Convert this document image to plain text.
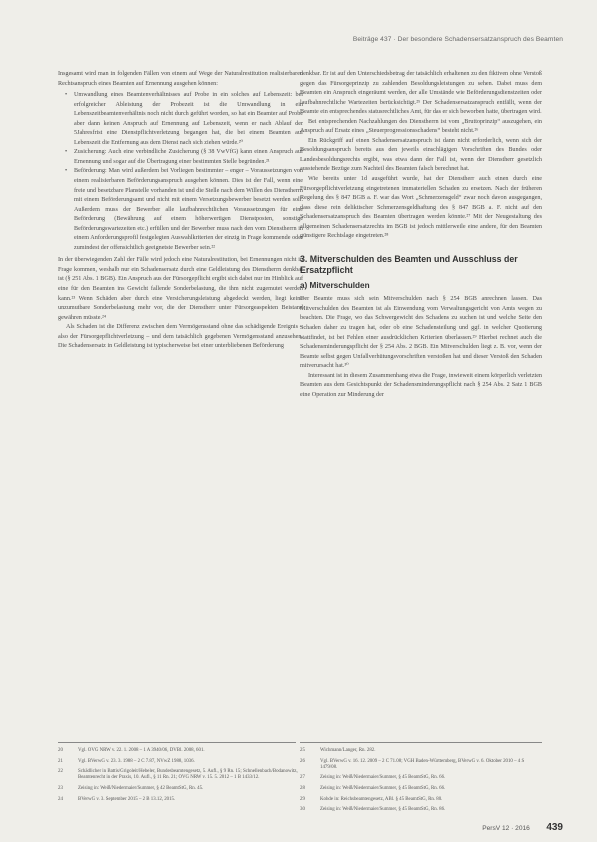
Beiträge 437 · Der besondere Schadensersatzanspruch des Beamten

Insgesamt wird man in folgenden Fällen von einem auf Wege der Naturalrestitution realisierbaren Rechtsanspruch eines Beamten auf Ernennung ausgehen können:

• Umwandlung eines Beamtenverhältnisses auf Probe in ein solches auf Lebenszeit: bei erfolgreicher Ableistung der Probezeit ist die Umwandlung in ein Lebenszeitbeamtenverhältnis noch nicht durch geführt worden, so hat ein Beamter auf Probe aber dann keinen Anspruch auf Ernennung auf Lebenszeit, wenn er nach Ablauf der 5Jahresfrist eine Dienstpflichtverletzung begangen hat, die bei einem Beamten auf Lebenszeit die Entfernung aus dem Dienst nach sich ziehen würde.²⁰
• Zusicherung: Auch eine verbindliche Zusicherung (§ 38 VwVfG) kann einen Anspruch auf Ernennung und sogar auf die Übertragung einer bestimmten Stelle begründen.²¹
• Beförderung: Man wird außerdem bei Vorliegen bestimmter – enger – Voraussetzungen von einem realisierbaren Beförderungsanspruch ausgehen können. Dies ist der Fall, wenn eine freie und besetzbare Planstelle vorhanden ist und die Stelle nach dem Willen des Dienstherrn mit einem Beförderungsamt und nicht mit einem Versetzungsbewerber besetzt werden soll. Außerdem muss der Bewerber alle laufbahnrechtlichen Voraussetzungen für eine Beförderung (Bewährung auf einem höherwertigen Dienstposten, sonstige Beförderungswartezeiten etc.) erfüllen und der Bewerber muss nach den vom Dienstherrn in einem Anforderungsprofil festgelegten Auswahlkriterien der einzig in Frage kommende oder zumindest der offensichtlich geeignetste Bewerber sein.²²

In der überwiegenden Zahl der Fälle wird jedoch eine Naturalrestitution, bei Ernennungen nicht in Frage kommen, weshalb nur ein Schadensersatz durch eine Geldleistung des Dienstherrn denkbar ist (§ 251 Abs. 1 BGB). Ein Anspruch aus der Fürsorgepflicht ergibt sich dabei nur im Hinblick auf eine für den Beamten ins Gewicht fallende Sonderbelastung, die ihm nicht zugemutet werden kann.²³ Wenn Schäden aber durch eine Versicherungsleistung abgedeckt werden, liegt keine unzumutbare Sonderbelastung mehr vor, die der Dienstherr unter Fürsorgeaspekten Beistand gewähren müsste.²⁴

Als Schaden ist die Differenz zwischen dem Vermögensstand ohne das schädigende Ereignis – also der Fürsorgepflichtverletzung – und dem tatsächlich gegebenen Vermögensstand anzusehen. Die Schadensersatz in Geldleistung ist typischerweise bei einer unterbliebenen Beförderung

denkbar. Er ist auf den Unterschiedsbetrag der tatsächlich erhaltenen zu den fiktiven ohne Verstoß gegen das Fürsorgeprinzip zu zahlenden Besoldungsleistungen zu sehen. Dabei muss dem Beamten ein Anspruch eingeräumt werden, der alle Umstände wie Beförderungsdienstzeiten oder laufbahnrechtliche Wartezeiten berücksichtigt.²⁵ Der Schadensersatzanspruch entfällt, wenn der Beamte ein entsprechendes statusrechtliches Amt, für das er sich beworben hatte, übertragen wird.

Bei entsprechenden Nachzahlungen des Dienstherrn ist vom „Bruttoprinzip“ auszugehen, ein Anspruch auf Ersatz eines „Steuerprogressionsschadens“ besteht nicht.²⁶

Ein Rückgriff auf einen Schadensersatzanspruch ist dann nicht erforderlich, wenn sich der Besoldungsanspruch bereits aus den jeweils einschlägigen Vorschriften des Bundes oder Landesbesoldungsrechts ergibt, was etwa dann der Fall ist, wenn der Dienstherr gesetzlich ausstehende Bezüge zum Nachteil des Beamten falsch berechnet hat.

Wie bereits unter 1d ausgeführt wurde, hat der Dienstherr auch einen durch eine Fürsorgepflichtverletzung eingetretenen immateriellen Schaden zu ersetzen. Nach der früheren Regelung des § 847 BGB a. F. war das Wort „Schmerzensgeld“ zwar noch davon ausgegangen, dass diese rein deliktischer Schmerzensgeldhaftung des § 847 BGB a. F. nicht auf den Schadensersatzanspruch des Beamten übertragen werden könnte.²⁷ Mit der Neugestaltung des allgemeinen Schadensersatzrechts im BGB ist jedoch mittlerweile eine andere, für den Beamten günstigere Rechtslage eingetreten.²⁸

3. Mitverschulden des Beamten und Ausschluss der Ersatzpflicht
a) Mitverschulden

Der Beamte muss sich sein Mitverschulden nach § 254 BGB anrechnen lassen. Das Mitverschulden des Beamten ist als Einwendung vom Verwaltungsgericht von Amts wegen zu beachten. Die Frage, wo das Schwergewicht des Schadens zu suchen ist und welche Seite den Schaden daher zu tragen hat, oder ob eine Schadensteilung und ggf. in welcher Quotierung stattfindet, ist bei Fehlen einer ausdrücklichen Kriterien überlassen.²⁹ Hierbei rechnet auch die Schadensminderungspflicht der § 254 Abs. 2 BGB. Ein Mitverschulden liegt z. B. vor, wenn der Beamte selbst gegen Unfallverhütungsvorschriften verstoßen hat und dieser Verstoß den Schaden mitverursacht hat.³⁰

Interessant ist in diesem Zusammenhang etwa die Frage, inwieweit einem körperlich verletzten Beamten aus dem Gesichtspunkt der Schadensminderungspflicht nach § 254 Abs. 2 Satz 1 BGB eine Operation zur Minderung der

20	Vgl. OVG NRW v. 22. 1. 2008 – 1 A 3940/06, DVBl. 2008, 601.
21	Vgl. BVerwG v. 23. 3. 1988 – 2 C 7.87, NVwZ 1988, 1036.
22	Schädlicher in Battis/Grigoleit/Hebeler, Bundesbeamtengesetz, 5. Aufl., § 9 Rn. 15; Schnellenbach/Bodanowitz, Beamtenrecht in der Praxis, 10. Aufl., § 11 Rn. 21; OVG NRW v. 15. 5. 2012 – 1 B 1433/12.
23	Zeising in: Weiß/Niedermaier/Summer, § 42 BeamtStG, Rn. 45.
24	BVerwG v. 3. September 2015 – 2 B 13.12, 2015.
25	Wichmann/Langer, Rn. 282.
26	Vgl. BVerwG v. 16. 12. 2009 – 2 C 71.08; VGH Baden-Württemberg, BVerwG v. 6. Oktober 2010 – 4 S 1479/08.
27	Zeising in: Weiß/Niedermaier/Summer, § 45 BeamtStG, Rn. 66.
28	Zeising in: Weiß/Niedermaier/Summer, § 45 BeamtStG, Rn. 66.
29	Kohde in: Reichsbeamtengesetz, ABl. § 45 BeamtStG, Rn. 80.
30	Zeising in: Weiß/Niedermaier/Summer, § 45 BeamtStG, Rn. 86.
PersV 12 · 2016 439
